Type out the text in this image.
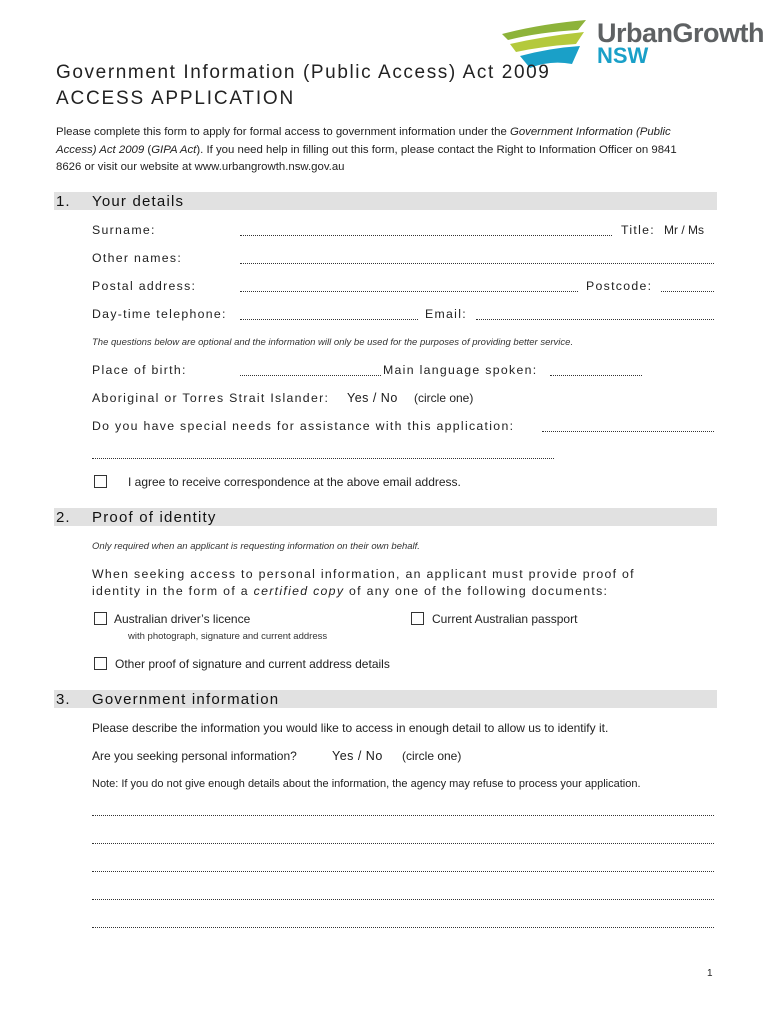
UrbanGrowth
NSW
Government Information (Public Access) Act 2009
ACCESS APPLICATION
Please complete this form to apply for formal access to government information under the Government Information (Public Access) Act 2009 (GIPA Act). If you need help in filling out this form, please contact the Right to Information Officer on 9841 8626 or visit our website at www.urbangrowth.nsw.gov.au
1. Your details
Surname:	Title: Mr / Ms
Other names:
Postal address:	Postcode:
Day-time telephone:	Email:
The questions below are optional and the information will only be used for the purposes of providing better service.
Place of birth:	Main language spoken:
Aboriginal or Torres Strait Islander: Yes / No (circle one)
Do you have special needs for assistance with this application:
I agree to receive correspondence at the above email address.
2. Proof of identity
Only required when an applicant is requesting information on their own behalf.
When seeking access to personal information, an applicant must provide proof of
identity in the form of a certified copy of any one of the following documents:
Australian driver’s licence
with photograph, signature and current address
Current Australian passport
Other proof of signature and current address details
3. Government information
Please describe the information you would like to access in enough detail to allow us to identify it.
Are you seeking personal information?	Yes / No (circle one)
Note: If you do not give enough details about the information, the agency may refuse to process your application.
1
